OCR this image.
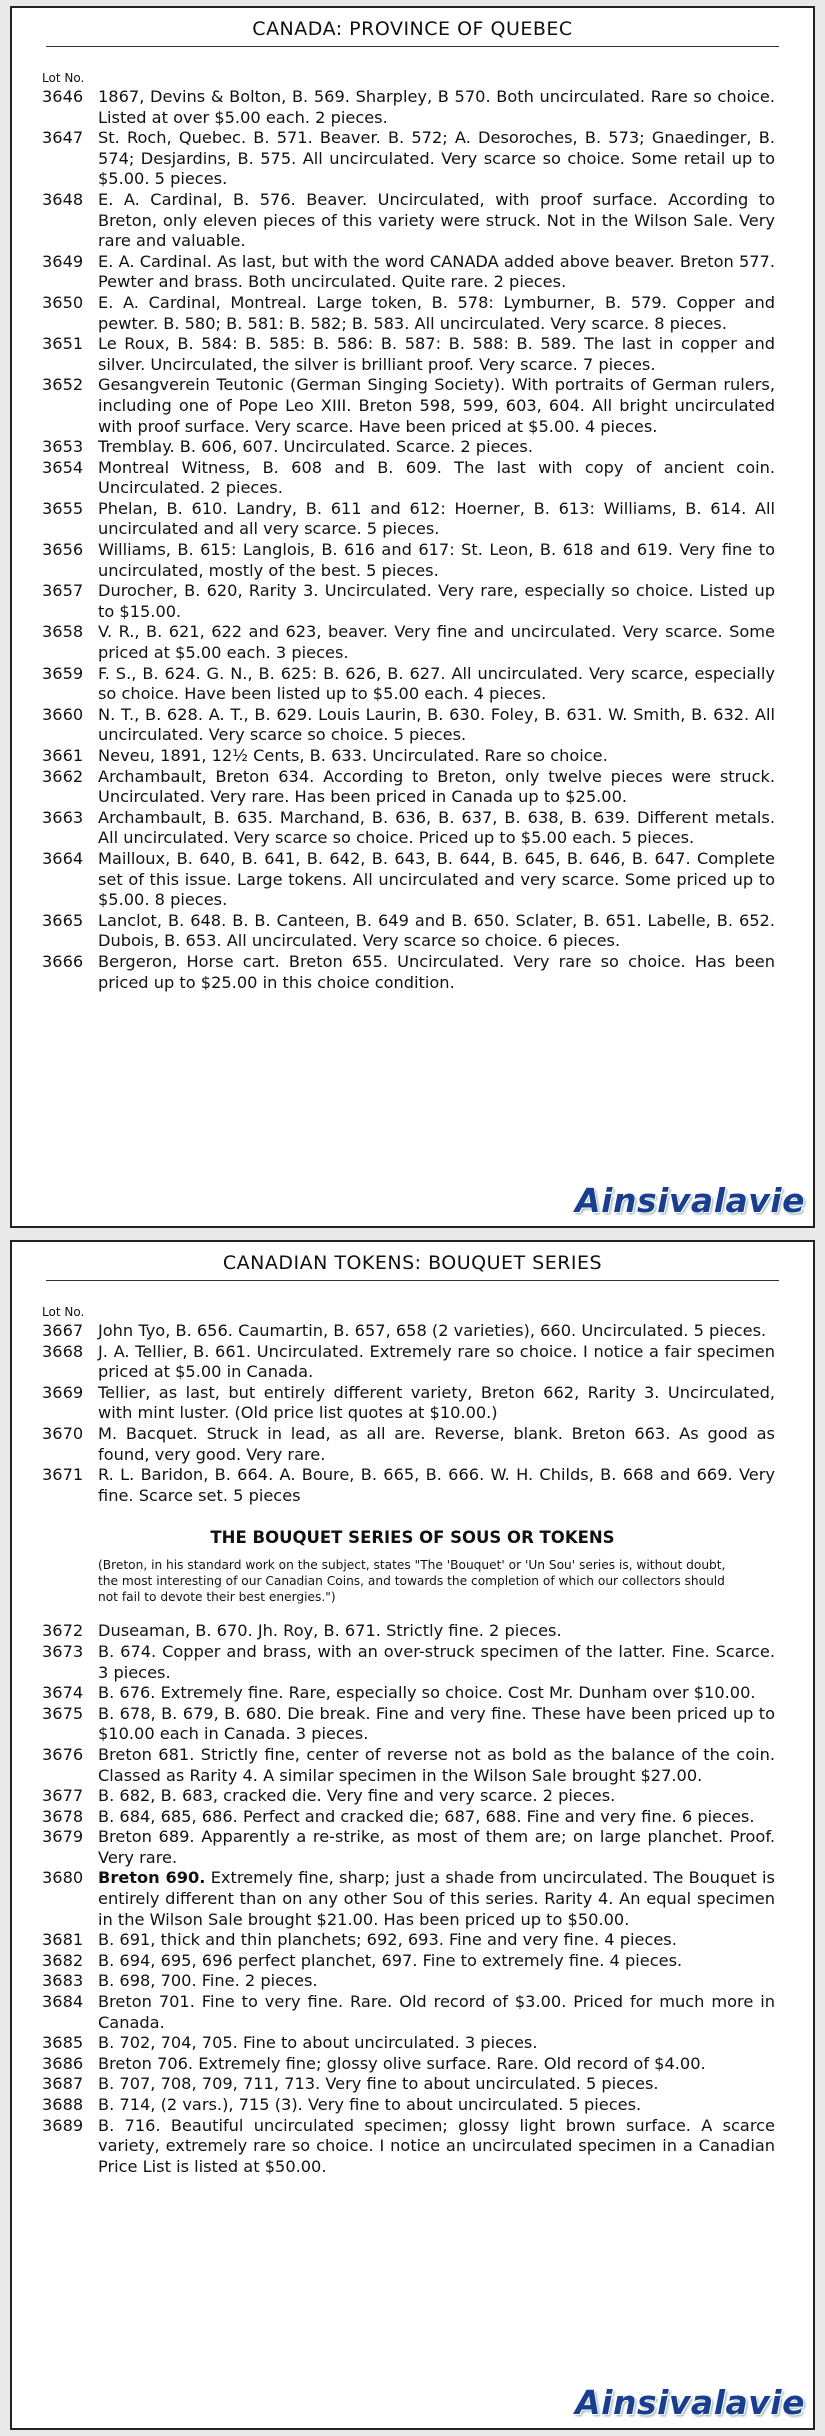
CANADA: PROVINCE OF QUEBEC
Lot No.
3646 1867, Devins & Bolton, B. 569. Sharpley, B 570. Both uncirculated. Rare so choice. Listed at over $5.00 each. 2 pieces.
3647 St. Roch, Quebec. B. 571. Beaver. B. 572; A. Desoroches, B. 573; Gnaedinger, B. 574; Desjardins, B. 575. All uncirculated. Very scarce so choice. Some retail up to $5.00. 5 pieces.
3648 E. A. Cardinal, B. 576. Beaver. Uncirculated, with proof surface. According to Breton, only eleven pieces of this variety were struck. Not in the Wilson Sale. Very rare and valuable.
3649 E. A. Cardinal. As last, but with the word CANADA added above beaver. Breton 577. Pewter and brass. Both uncirculated. Quite rare. 2 pieces.
3650 E. A. Cardinal, Montreal. Large token, B. 578: Lymburner, B. 579. Copper and pewter. B. 580; B. 581: B. 582; B. 583. All uncirculated. Very scarce. 8 pieces.
3651 Le Roux, B. 584: B. 585: B. 586: B. 587: B. 588: B. 589. The last in copper and silver. Uncirculated, the silver is brilliant proof. Very scarce. 7 pieces.
3652 Gesangverein Teutonic (German Singing Society). With portraits of German rulers, including one of Pope Leo XIII. Breton 598, 599, 603, 604. All bright uncirculated with proof surface. Very scarce. Have been priced at $5.00. 4 pieces.
3653 Tremblay. B. 606, 607. Uncirculated. Scarce. 2 pieces.
3654 Montreal Witness, B. 608 and B. 609. The last with copy of ancient coin. Uncirculated. 2 pieces.
3655 Phelan, B. 610. Landry, B. 611 and 612: Hoerner, B. 613: Williams, B. 614. All uncirculated and all very scarce. 5 pieces.
3656 Williams, B. 615: Langlois, B. 616 and 617: St. Leon, B. 618 and 619. Very fine to uncirculated, mostly of the best. 5 pieces.
3657 Durocher, B. 620, Rarity 3. Uncirculated. Very rare, especially so choice. Listed up to $15.00.
3658 V. R., B. 621, 622 and 623, beaver. Very fine and uncirculated. Very scarce. Some priced at $5.00 each. 3 pieces.
3659 F. S., B. 624. G. N., B. 625: B. 626, B. 627. All uncirculated. Very scarce, especially so choice. Have been listed up to $5.00 each. 4 pieces.
3660 N. T., B. 628. A. T., B. 629. Louis Laurin, B. 630. Foley, B. 631. W. Smith, B. 632. All uncirculated. Very scarce so choice. 5 pieces.
3661 Neveu, 1891, 12½ Cents, B. 633. Uncirculated. Rare so choice.
3662 Archambault, Breton 634. According to Breton, only twelve pieces were struck. Uncirculated. Very rare. Has been priced in Canada up to $25.00.
3663 Archambault, B. 635. Marchand, B. 636, B. 637, B. 638, B. 639. Different metals. All uncirculated. Very scarce so choice. Priced up to $5.00 each. 5 pieces.
3664 Mailloux, B. 640, B. 641, B. 642, B. 643, B. 644, B. 645, B. 646, B. 647. Complete set of this issue. Large tokens. All uncirculated and very scarce. Some priced up to $5.00. 8 pieces.
3665 Lanclot, B. 648. B. B. Canteen, B. 649 and B. 650. Sclater, B. 651. Labelle, B. 652. Dubois, B. 653. All uncirculated. Very scarce so choice. 6 pieces.
3666 Bergeron, Horse cart. Breton 655. Uncirculated. Very rare so choice. Has been priced up to $25.00 in this choice condition.
Ainsivalavie
CANADIAN TOKENS: BOUQUET SERIES
Lot No.
3667 John Tyo, B. 656. Caumartin, B. 657, 658 (2 varieties), 660. Uncirculated. 5 pieces.
3668 J. A. Tellier, B. 661. Uncirculated. Extremely rare so choice. I notice a fair specimen priced at $5.00 in Canada.
3669 Tellier, as last, but entirely different variety, Breton 662, Rarity 3. Uncirculated, with mint luster. (Old price list quotes at $10.00.)
3670 M. Bacquet. Struck in lead, as all are. Reverse, blank. Breton 663. As good as found, very good. Very rare.
3671 R. L. Baridon, B. 664. A. Boure, B. 665, B. 666. W. H. Childs, B. 668 and 669. Very fine. Scarce set. 5 pieces
THE BOUQUET SERIES OF SOUS OR TOKENS
(Breton, in his standard work on the subject, states "The 'Bouquet' or 'Un Sou' series is, without doubt, the most interesting of our Canadian Coins, and towards the completion of which our collectors should not fail to devote their best energies.")
3672 Duseaman, B. 670. Jh. Roy, B. 671. Strictly fine. 2 pieces.
3673 B. 674. Copper and brass, with an over-struck specimen of the latter. Fine. Scarce. 3 pieces.
3674 B. 676. Extremely fine. Rare, especially so choice. Cost Mr. Dunham over $10.00.
3675 B. 678, B. 679, B. 680. Die break. Fine and very fine. These have been priced up to $10.00 each in Canada. 3 pieces.
3676 Breton 681. Strictly fine, center of reverse not as bold as the balance of the coin. Classed as Rarity 4. A similar specimen in the Wilson Sale brought $27.00.
3677 B. 682, B. 683, cracked die. Very fine and very scarce. 2 pieces.
3678 B. 684, 685, 686. Perfect and cracked die; 687, 688. Fine and very fine. 6 pieces.
3679 Breton 689. Apparently a re-strike, as most of them are; on large planchet. Proof. Very rare.
3680 Breton 690. Extremely fine, sharp; just a shade from uncirculated. The Bouquet is entirely different than on any other Sou of this series. Rarity 4. An equal specimen in the Wilson Sale brought $21.00. Has been priced up to $50.00.
3681 B. 691, thick and thin planchets; 692, 693. Fine and very fine. 4 pieces.
3682 B. 694, 695, 696 perfect planchet, 697. Fine to extremely fine. 4 pieces.
3683 B. 698, 700. Fine. 2 pieces.
3684 Breton 701. Fine to very fine. Rare. Old record of $3.00. Priced for much more in Canada.
3685 B. 702, 704, 705. Fine to about uncirculated. 3 pieces.
3686 Breton 706. Extremely fine; glossy olive surface. Rare. Old record of $4.00.
3687 B. 707, 708, 709, 711, 713. Very fine to about uncirculated. 5 pieces.
3688 B. 714, (2 vars.), 715 (3). Very fine to about uncirculated. 5 pieces.
3689 B. 716. Beautiful uncirculated specimen; glossy light brown surface. A scarce variety, extremely rare so choice. I notice an uncirculated specimen in a Canadian Price List is listed at $50.00.
Ainsivalavie
